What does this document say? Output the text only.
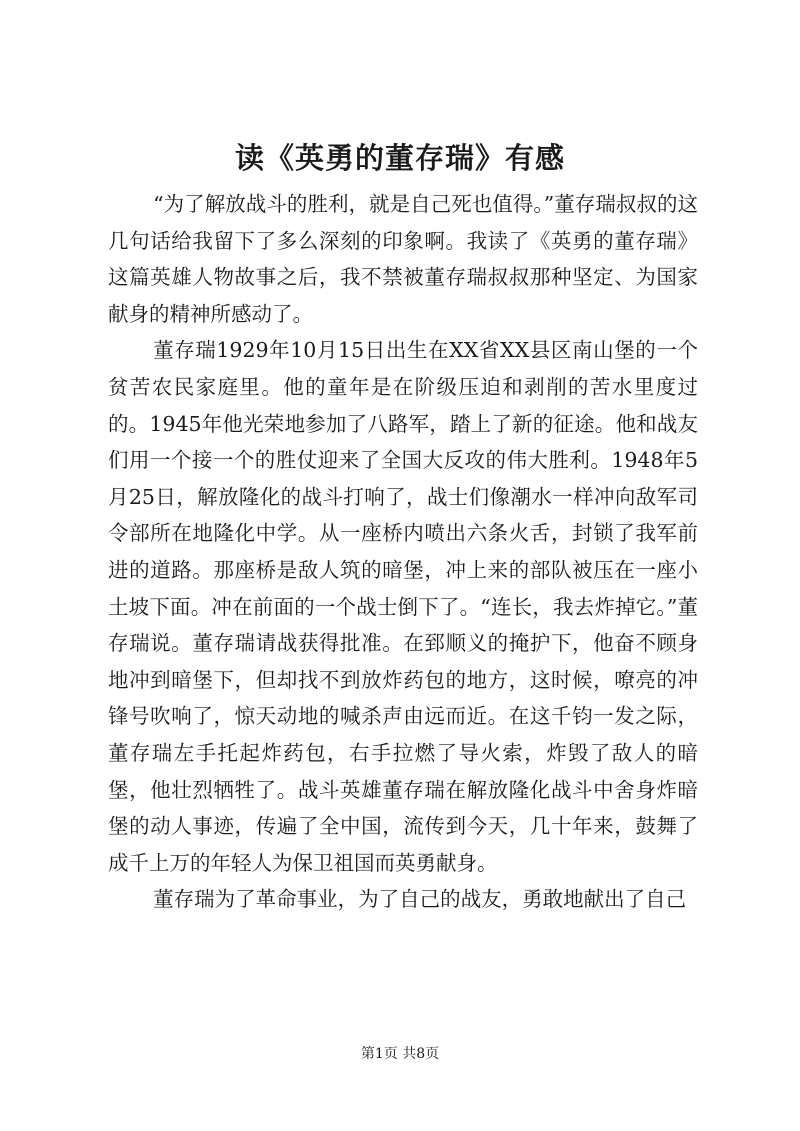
读《英勇的董存瑞》有感

“为了解放战斗的胜利，就是自己死也值得。”董存瑞叔叔的这几句话给我留下了多么深刻的印象啊。我读了《英勇的董存瑞》这篇英雄人物故事之后，我不禁被董存瑞叔叔那种坚定、为国家献身的精神所感动了。

董存瑞1929年10月15日出生在XX省XX县区南山堡的一个贫苦农民家庭里。他的童年是在阶级压迫和剥削的苦水里度过的。1945年他光荣地参加了八路军，踏上了新的征途。他和战友们用一个接一个的胜仗迎来了全国大反攻的伟大胜利。1948年5月25日，解放隆化的战斗打响了，战士们像潮水一样冲向敌军司令部所在地隆化中学。从一座桥内喷出六条火舌，封锁了我军前进的道路。那座桥是敌人筑的暗堡，冲上来的部队被压在一座小土坡下面。冲在前面的一个战士倒下了。“连长，我去炸掉它。”董存瑞说。董存瑞请战获得批准。在郅顺义的掩护下，他奋不顾身地冲到暗堡下，但却找不到放炸药包的地方，这时候，嘹亮的冲锋号吹响了，惊天动地的喊杀声由远而近。在这千钧一发之际，董存瑞左手托起炸药包，右手拉燃了导火索，炸毁了敌人的暗堡，他壮烈牺牲了。战斗英雄董存瑞在解放隆化战斗中舍身炸暗堡的动人事迹，传遍了全中国，流传到今天，几十年来，鼓舞了成千上万的年轻人为保卫祖国而英勇献身。

董存瑞为了革命事业，为了自己的战友，勇敢地献出了自己

第1页 共8页
